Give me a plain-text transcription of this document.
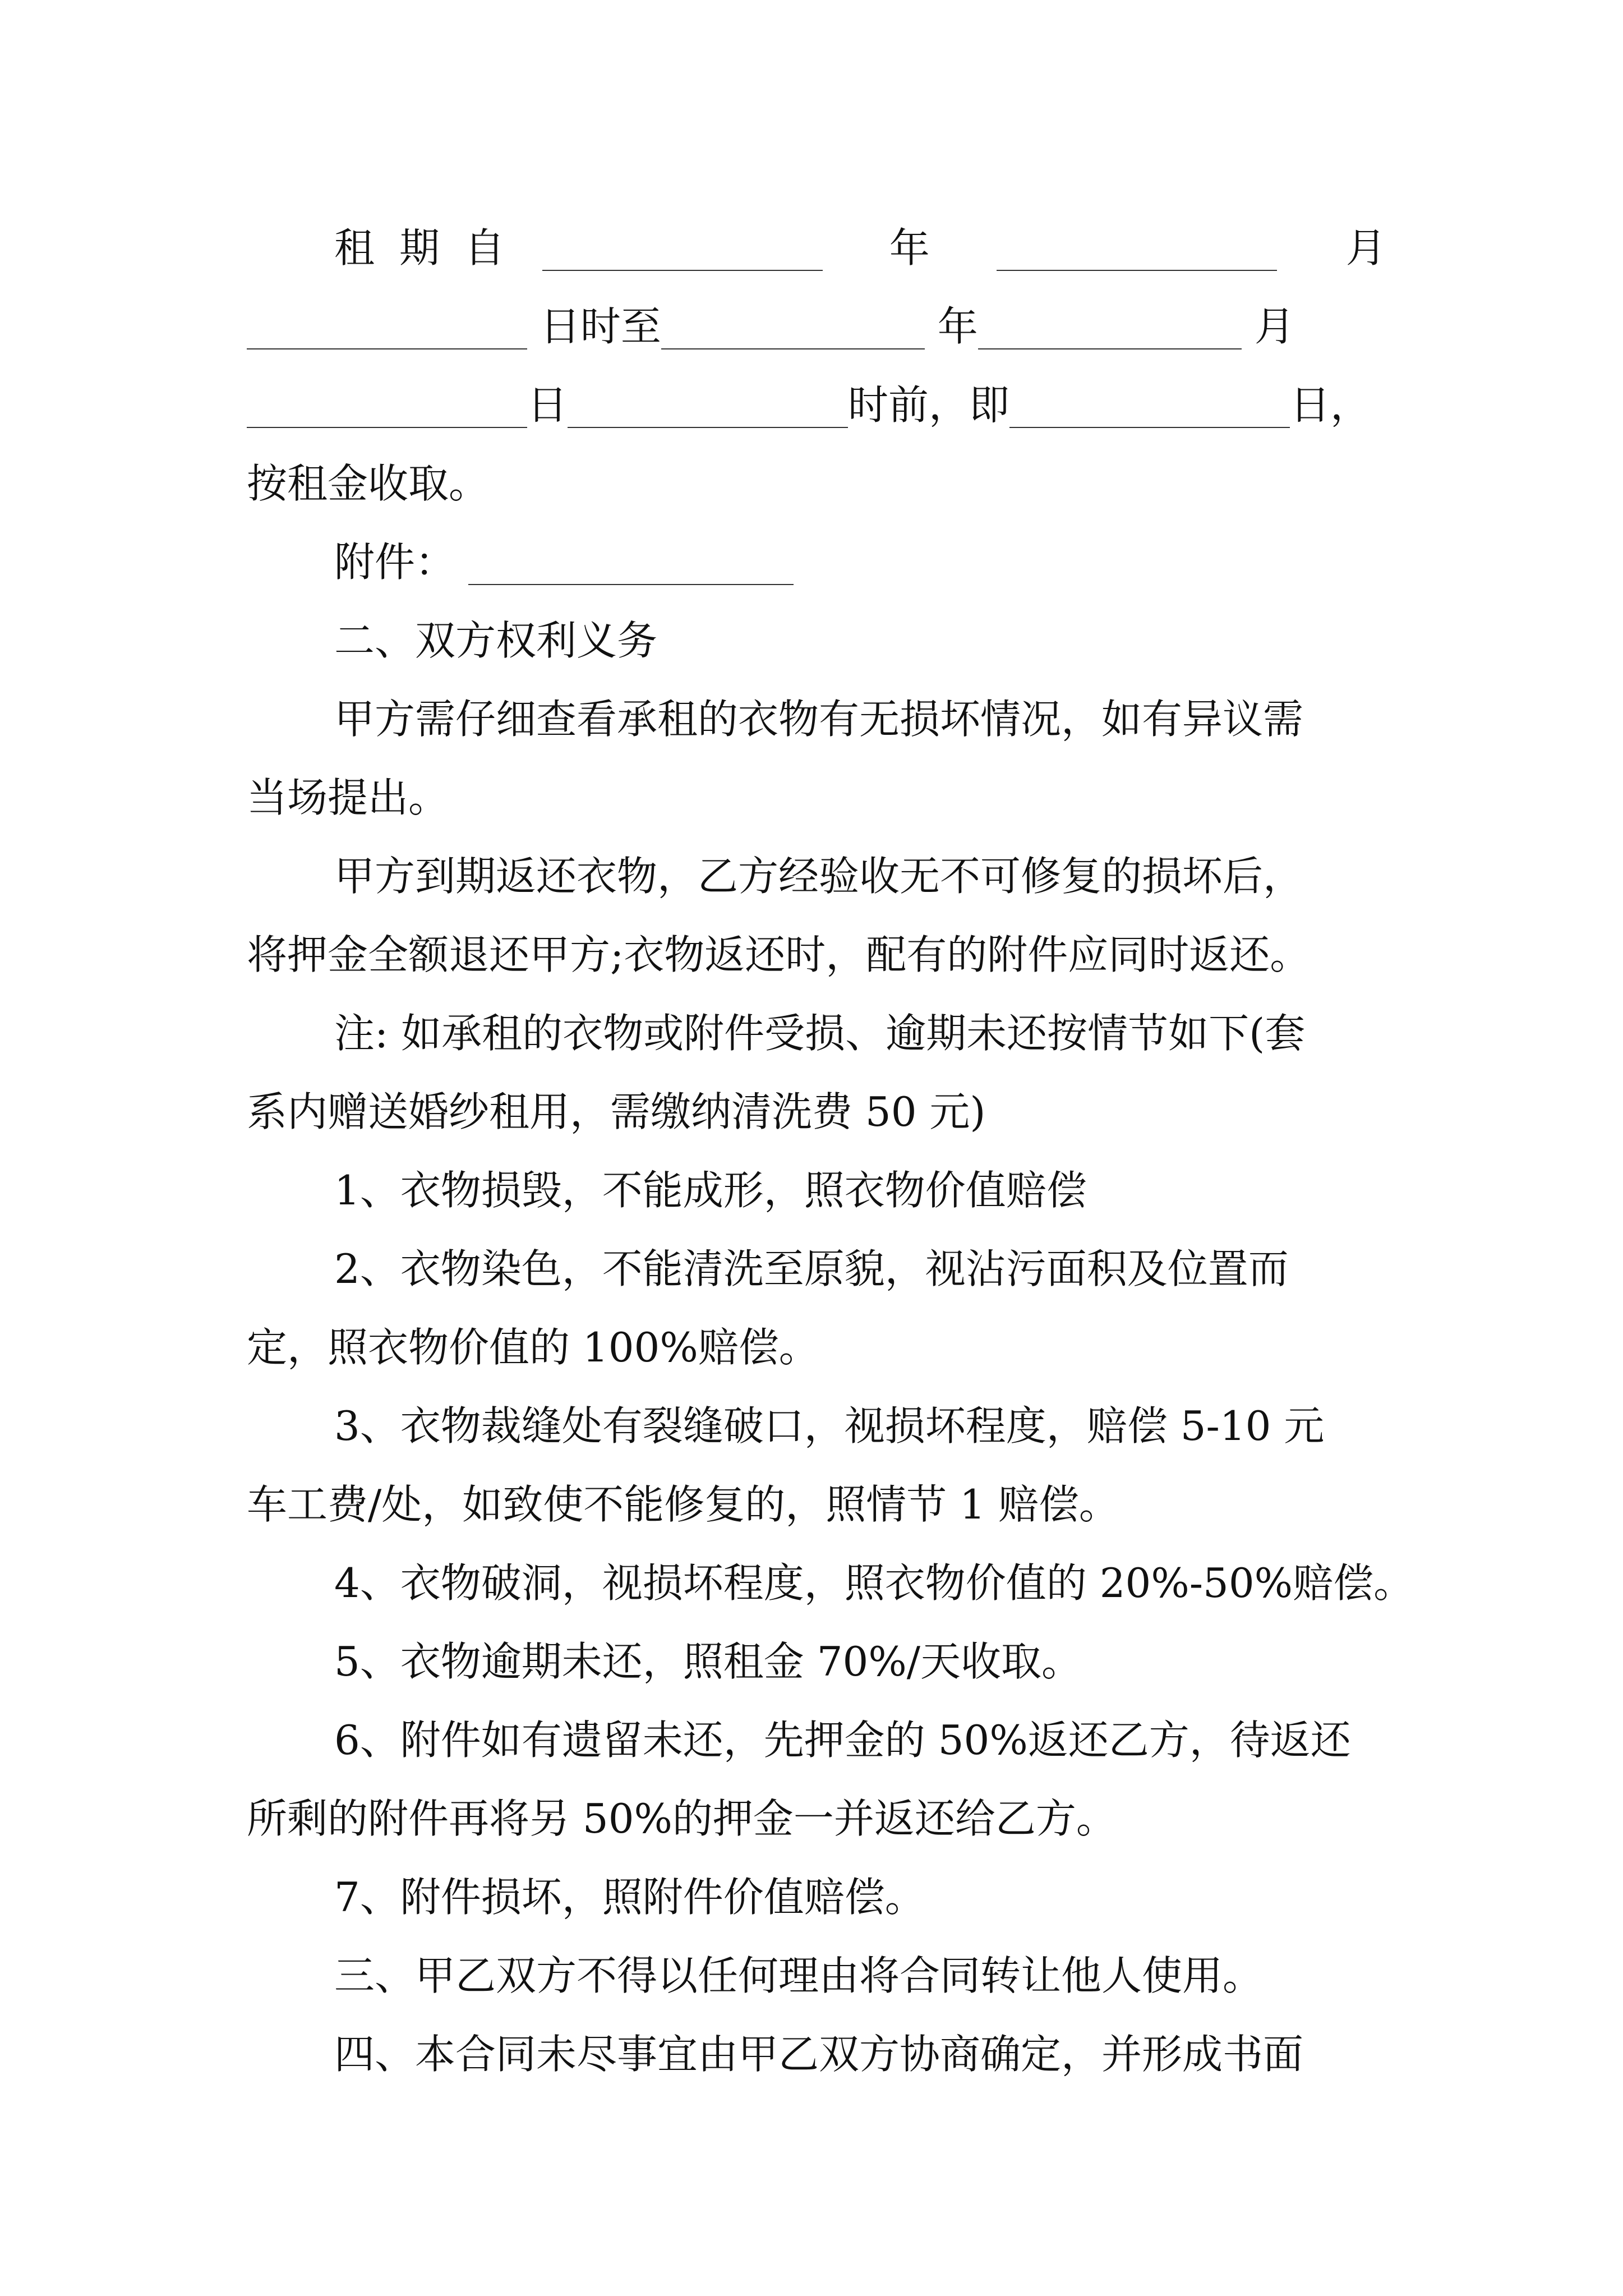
租期自	年	月
日时至	年	月
日	时前，即	日，
按租金收取。
附件：
二、双方权利义务
甲方需仔细查看承租的衣物有无损坏情况，如有异议需
当场提出。
甲方到期返还衣物，乙方经验收无不可修复的损坏后，
将押金全额退还甲方;衣物返还时，配有的附件应同时返还。
注: 如承租的衣物或附件受损、逾期未还按情节如下(套
系内赠送婚纱租用，需缴纳清洗费 50 元)
1、衣物损毁，不能成形，照衣物价值赔偿
2、衣物染色，不能清洗至原貌，视沾污面积及位置而
定，照衣物价值的 100%赔偿。
3、衣物裁缝处有裂缝破口，视损坏程度，赔偿 5-10 元
车工费/处，如致使不能修复的，照情节 1 赔偿。
4、衣物破洞，视损坏程度，照衣物价值的 20%-50%赔偿。
5、衣物逾期未还，照租金 70%/天收取。
6、附件如有遗留未还，先押金的 50%返还乙方，待返还
所剩的附件再将另 50%的押金一并返还给乙方。
7、附件损坏，照附件价值赔偿。
三、甲乙双方不得以任何理由将合同转让他人使用。
四、本合同未尽事宜由甲乙双方协商确定，并形成书面
